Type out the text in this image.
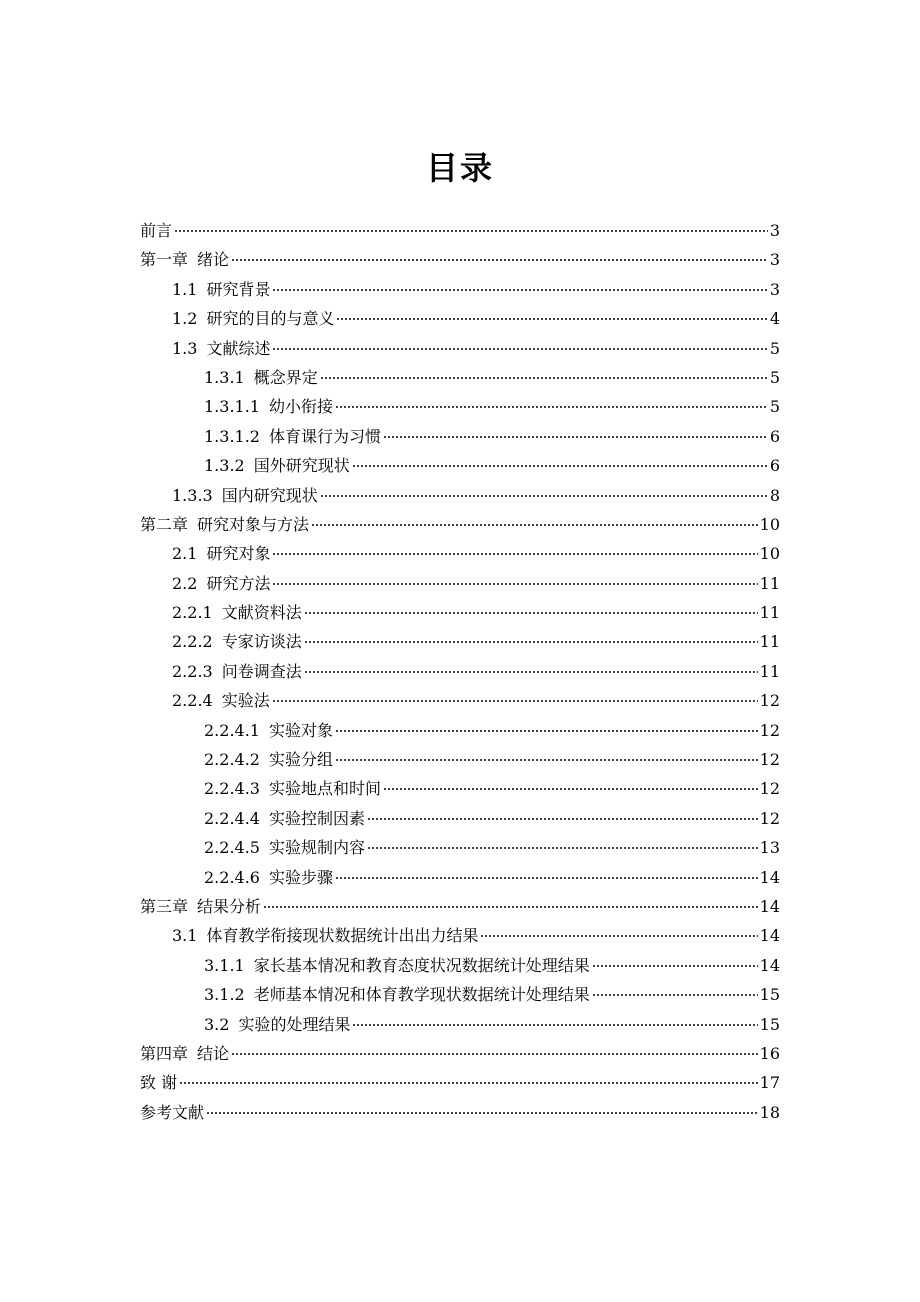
目录
前言	3
第一章 绪论	3
1.1 研究背景	3
1.2 研究的目的与意义	4
1.3 文献综述	5
1.3.1 概念界定	5
1.3.1.1 幼小衔接	5
1.3.1.2 体育课行为习惯	6
1.3.2 国外研究现状	6
1.3.3 国内研究现状	8
第二章 研究对象与方法	10
2.1 研究对象	10
2.2 研究方法	11
2.2.1 文献资料法	11
2.2.2 专家访谈法	11
2.2.3 问卷调查法	11
2.2.4 实验法	12
2.2.4.1 实验对象	12
2.2.4.2 实验分组	12
2.2.4.3 实验地点和时间	12
2.2.4.4 实验控制因素	12
2.2.4.5 实验规制内容	13
2.2.4.6 实验步骤	14
第三章 结果分析	14
3.1 体育教学衔接现状数据统计出出力结果	14
3.1.1 家长基本情况和教育态度状况数据统计处理结果	14
3.1.2 老师基本情况和体育教学现状数据统计处理结果	15
3.2 实验的处理结果	15
第四章 结论	16
致 谢	17
参考文献	18
